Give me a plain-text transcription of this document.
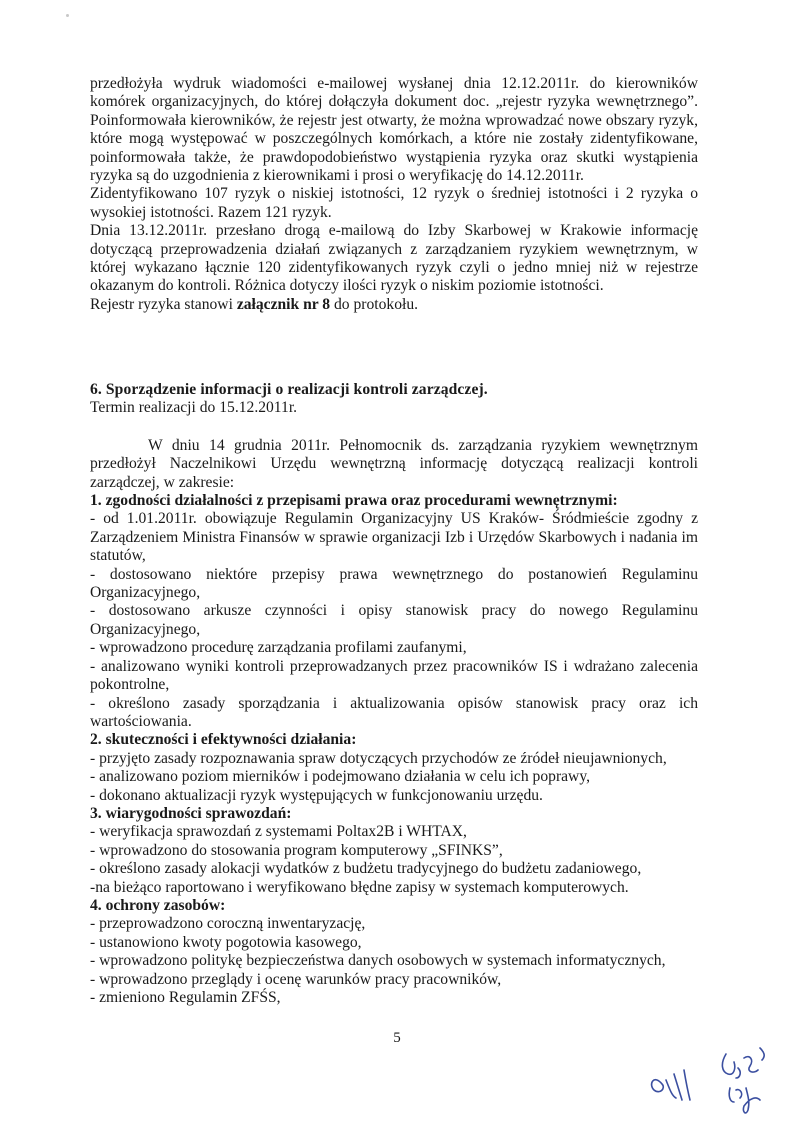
przedłożyła wydruk wiadomości e-mailowej wysłanej dnia 12.12.2011r. do kierowników komórek organizacyjnych, do której dołączyła dokument doc. „rejestr ryzyka wewnętrznego”. Poinformowała kierowników, że rejestr jest otwarty, że można wprowadzać nowe obszary ryzyk, które mogą występować w poszczególnych komórkach, a które nie zostały zidentyfikowane, poinformowała także, że prawdopodobieństwo wystąpienia ryzyka oraz skutki wystąpienia ryzyka są do uzgodnienia z kierownikami i prosi o weryfikację do 14.12.2011r.

Zidentyfikowano 107 ryzyk o niskiej istotności, 12 ryzyk o średniej istotności i 2 ryzyka o wysokiej istotności. Razem 121 ryzyk.

Dnia 13.12.2011r. przesłano drogą e-mailową do Izby Skarbowej w Krakowie informację dotyczącą przeprowadzenia działań związanych z zarządzaniem ryzykiem wewnętrznym, w której wykazano łącznie 120 zidentyfikowanych ryzyk czyli o jedno mniej niż w rejestrze okazanym do kontroli. Różnica dotyczy ilości ryzyk o niskim poziomie istotności.

Rejestr ryzyka stanowi załącznik nr 8 do protokołu.

6. Sporządzenie informacji o realizacji kontroli zarządczej.

Termin realizacji do 15.12.2011r.

W dniu 14 grudnia 2011r. Pełnomocnik ds. zarządzania ryzykiem wewnętrznym przedłożył Naczelnikowi Urzędu wewnętrzną informację dotyczącą realizacji kontroli zarządczej, w zakresie:

1. zgodności działalności z przepisami prawa oraz procedurami wewnętrznymi:

- od 1.01.2011r. obowiązuje Regulamin Organizacyjny US Kraków- Śródmieście zgodny z Zarządzeniem Ministra Finansów w sprawie organizacji Izb i Urzędów Skarbowych i nadania im statutów,

- dostosowano niektóre przepisy prawa wewnętrznego do postanowień Regulaminu Organizacyjnego,

- dostosowano arkusze czynności i opisy stanowisk pracy do nowego Regulaminu Organizacyjnego,

- wprowadzono procedurę zarządzania profilami zaufanymi,

- analizowano wyniki kontroli przeprowadzanych przez pracowników IS i wdrażano zalecenia pokontrolne,

- określono zasady sporządzania i aktualizowania opisów stanowisk pracy oraz ich wartościowania.

2. skuteczności i efektywności działania:

- przyjęto zasady rozpoznawania spraw dotyczących przychodów ze źródeł nieujawnionych,

- analizowano poziom mierników i podejmowano działania w celu ich poprawy,

- dokonano aktualizacji ryzyk występujących w funkcjonowaniu urzędu.

3. wiarygodności sprawozdań:

- weryfikacja sprawozdań z systemami Poltax2B i WHTAX,

- wprowadzono do stosowania program komputerowy „SFINKS”,

- określono zasady alokacji wydatków z budżetu tradycyjnego do budżetu zadaniowego,

-na bieżąco raportowano i weryfikowano błędne zapisy w systemach komputerowych.

4. ochrony zasobów:

- przeprowadzono coroczną inwentaryzację,

- ustanowiono kwoty pogotowia kasowego,

- wprowadzono politykę bezpieczeństwa danych osobowych w systemach informatycznych,

- wprowadzono przeglądy i ocenę warunków pracy pracowników,

- zmieniono Regulamin ZFŚS,

5
